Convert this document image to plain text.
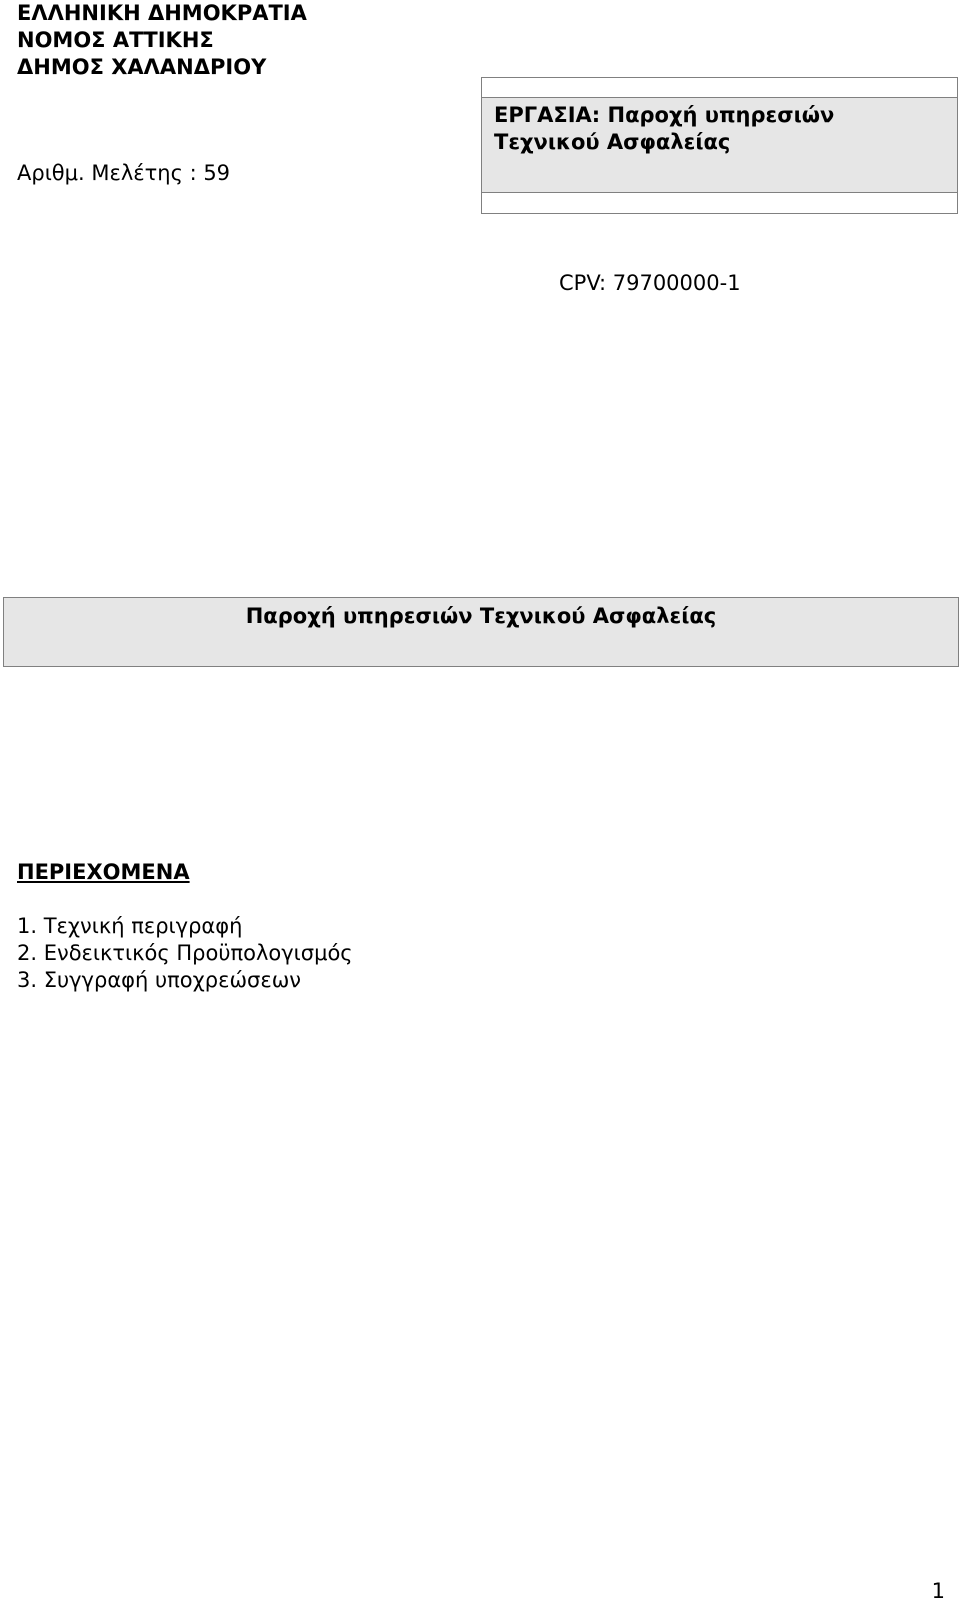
ΕΛΛΗΝΙΚΗ ΔΗΜΟΚΡΑΤΙΑ
ΝΟΜΟΣ ΑΤΤΙΚΗΣ
ΔΗΜΟΣ ΧΑΛΑΝΔΡΙΟΥ
Αριθμ. Μελέτης : 59
ΕΡΓΑΣΙΑ: Παροχή υπηρεσιών
Τεχνικού Ασφαλείας
CPV: 79700000-1
Παροχή υπηρεσιών Τεχνικού Ασφαλείας
ΠΕΡΙΕΧΟΜΕΝΑ
1. Τεχνική περιγραφή
2. Ενδεικτικός Προϋπολογισμός
3. Συγγραφή υποχρεώσεων
1
